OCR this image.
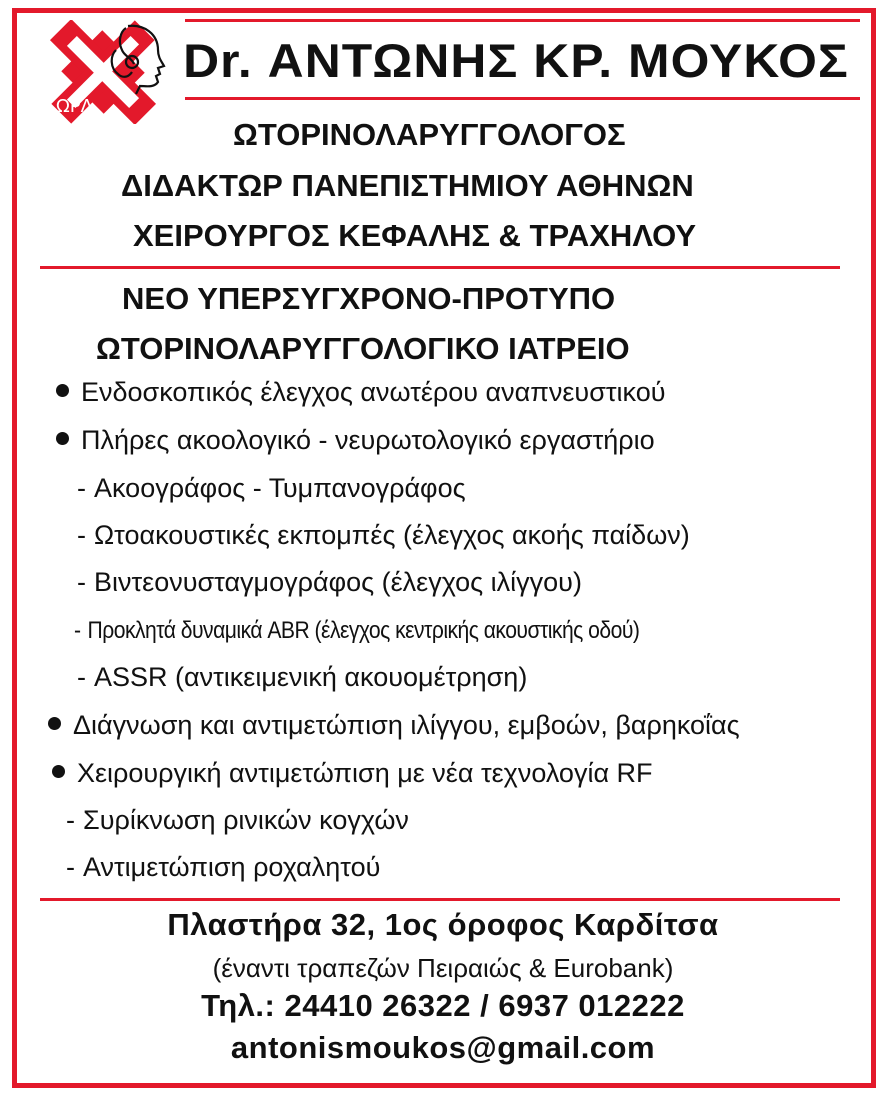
ΩΡΛ
Dr. ΑΝΤΩΝΗΣ ΚΡ. ΜΟΥΚΟΣ
ΩΤΟΡΙΝΟΛΑΡΥΓΓΟΛΟΓΟΣ
ΔΙΔΑΚΤΩΡ ΠΑΝΕΠΙΣΤΗΜΙΟΥ ΑΘΗΝΩΝ
ΧΕΙΡΟΥΡΓΟΣ ΚΕΦΑΛΗΣ & ΤΡΑΧΗΛΟΥ
ΝΕΟ ΥΠΕΡΣΥΓΧΡΟΝΟ-ΠΡΟΤΥΠΟ
ΩΤΟΡΙΝΟΛΑΡΥΓΓΟΛΟΓΙΚΟ ΙΑΤΡΕΙΟ
Ενδοσκοπικός έλεγχος ανωτέρου αναπνευστικού
Πλήρες ακοολογικό - νευρωτολογικό εργαστήριο
- Ακοογράφος - Τυμπανογράφος
- Ωτοακουστικές εκπομπές (έλεγχος ακοής παίδων)
- Βιντεονυσταγμογράφος (έλεγχος ιλίγγου)
- Προκλητά δυναμικά ABR (έλεγχος κεντρικής ακουστικής οδού)
- ASSR (αντικειμενική ακουομέτρηση)
Διάγνωση και αντιμετώπιση ιλίγγου, εμβοών, βαρηκοΐας
Χειρουργική αντιμετώπιση με νέα τεχνολογία RF
- Συρίκνωση ρινικών κογχών
- Αντιμετώπιση ροχαλητού
Πλαστήρα 32, 1ος όροφος Καρδίτσα
(έναντι τραπεζών Πειραιώς & Eurobank)
Τηλ.: 24410 26322 / 6937 012222
antonismoukos@gmail.com
